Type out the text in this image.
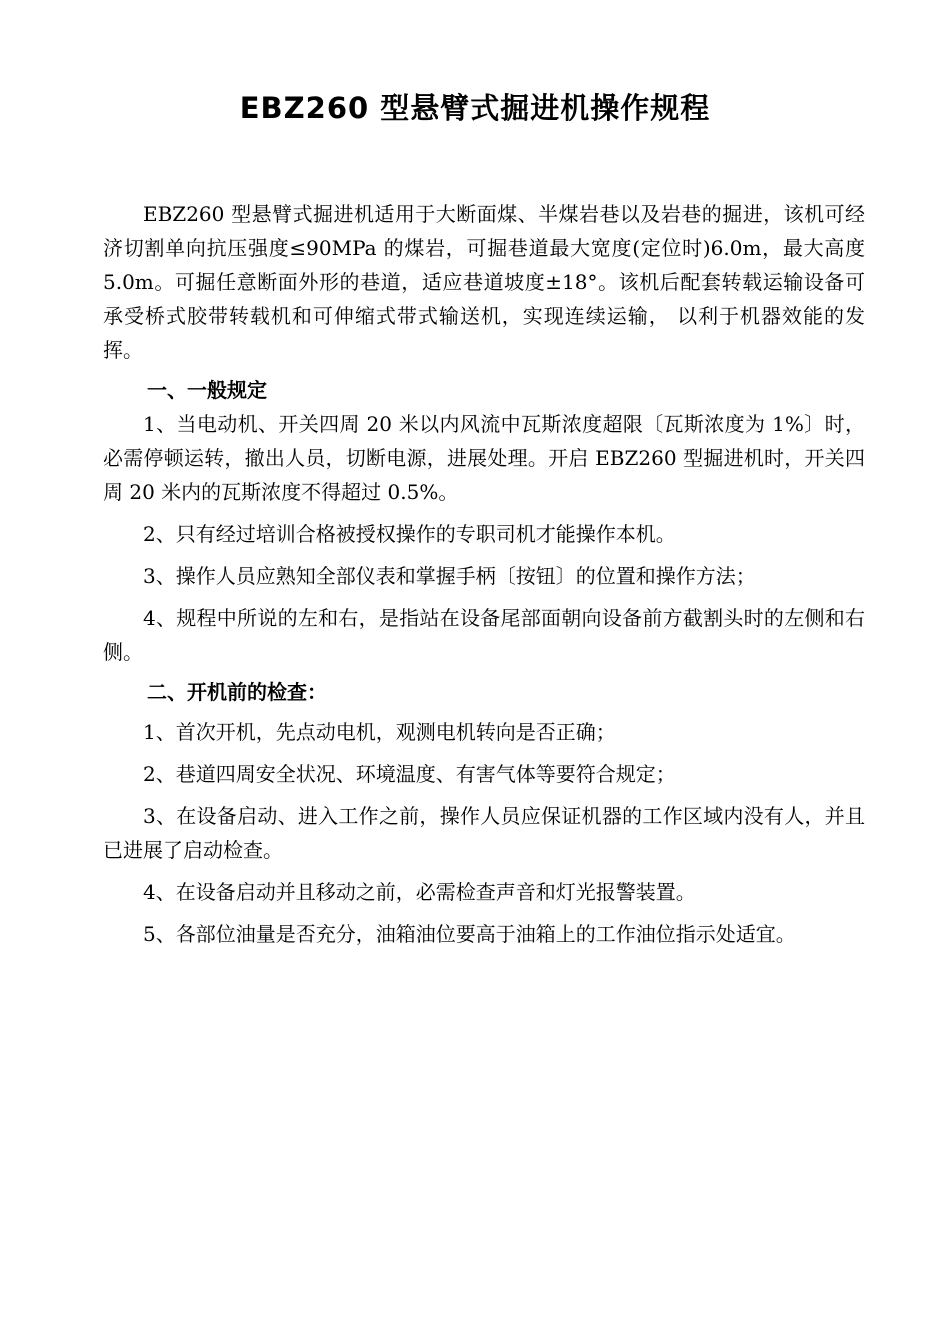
EBZ260 型悬臂式掘进机操作规程

EBZ260 型悬臂式掘进机适用于大断面煤、半煤岩巷以及岩巷的掘进，该机可经济切割单向抗压强度≤90MPa 的煤岩，可掘巷道最大宽度(定位时)6.0m，最大高度 5.0m。可掘任意断面外形的巷道，适应巷道坡度±18°。该机后配套转载运输设备可承受桥式胶带转载机和可伸缩式带式输送机，实现连续运输， 以利于机器效能的发挥。

一、一般规定

1、当电动机、开关四周 20 米以内风流中瓦斯浓度超限〔瓦斯浓度为 1%〕时，必需停顿运转，撤出人员，切断电源，进展处理。开启 EBZ260 型掘进机时，开关四周 20 米内的瓦斯浓度不得超过 0.5%。

2、只有经过培训合格被授权操作的专职司机才能操作本机。

3、操作人员应熟知全部仪表和掌握手柄〔按钮〕的位置和操作方法；

4、规程中所说的左和右，是指站在设备尾部面朝向设备前方截割头时的左侧和右侧。

二、开机前的检查：

1、首次开机，先点动电机，观测电机转向是否正确；

2、巷道四周安全状况、环境温度、有害气体等要符合规定；

3、在设备启动、进入工作之前，操作人员应保证机器的工作区域内没有人，并且已进展了启动检查。

4、在设备启动并且移动之前，必需检查声音和灯光报警装置。

5、各部位油量是否充分，油箱油位要高于油箱上的工作油位指示处适宜。
